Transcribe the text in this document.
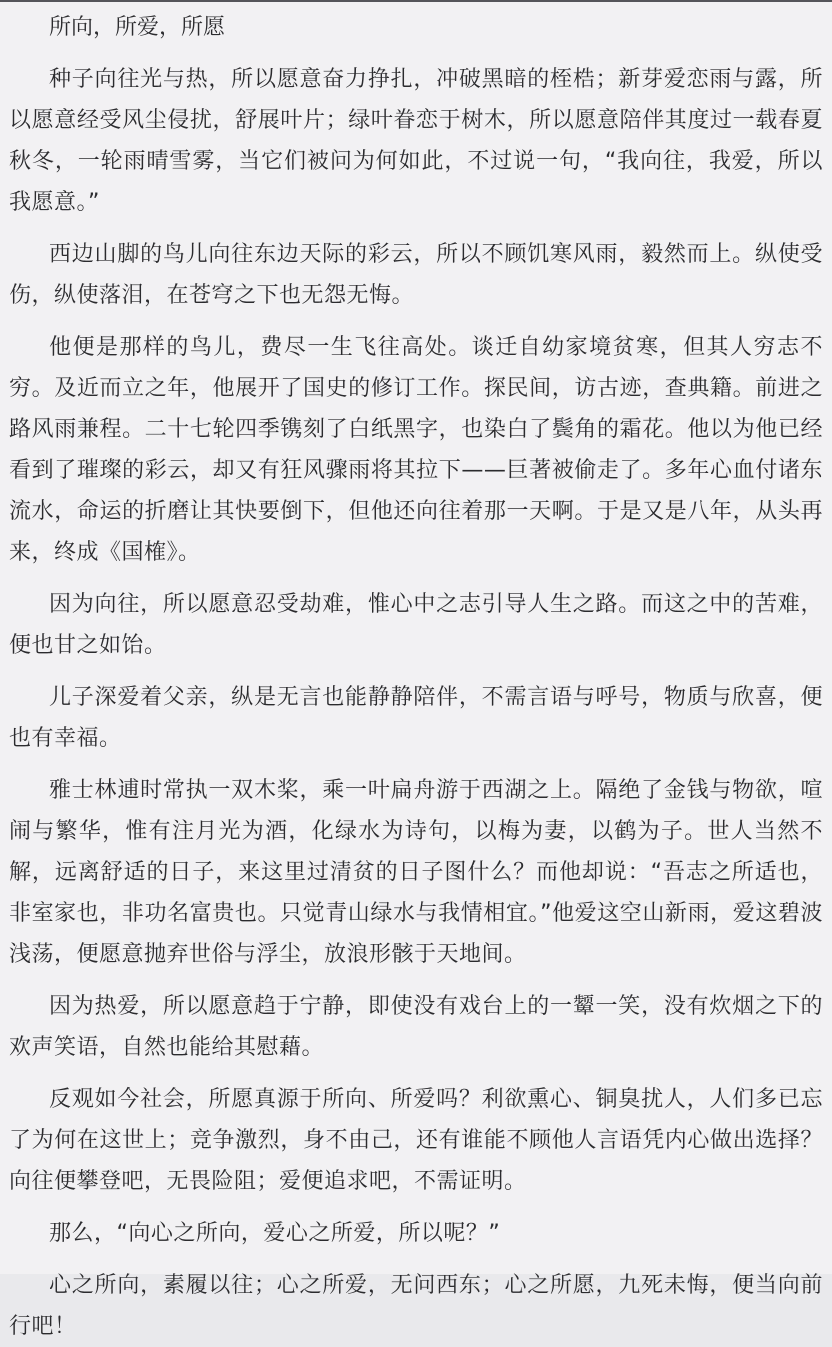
所向，所爱，所愿

种子向往光与热，所以愿意奋力挣扎，冲破黑暗的桎梏；新芽爱恋雨与露，所以愿意经受风尘侵扰，舒展叶片；绿叶眷恋于树木，所以愿意陪伴其度过一载春夏秋冬，一轮雨晴雪雾，当它们被问为何如此，不过说一句，“我向往，我爱，所以我愿意。”

西边山脚的鸟儿向往东边天际的彩云，所以不顾饥寒风雨，毅然而上。纵使受伤，纵使落泪，在苍穹之下也无怨无悔。

他便是那样的鸟儿，费尽一生飞往高处。谈迁自幼家境贫寒，但其人穷志不穷。及近而立之年，他展开了国史的修订工作。探民间，访古迹，查典籍。前进之路风雨兼程。二十七轮四季镌刻了白纸黑字，也染白了鬓角的霜花。他以为他已经看到了璀璨的彩云，却又有狂风骤雨将其拉下——巨著被偷走了。多年心血付诸东流水，命运的折磨让其快要倒下，但他还向往着那一天啊。于是又是八年，从头再来，终成《国榷》。

因为向往，所以愿意忍受劫难，惟心中之志引导人生之路。而这之中的苦难，便也甘之如饴。

儿子深爱着父亲，纵是无言也能静静陪伴，不需言语与呼号，物质与欣喜，便也有幸福。

雅士林逋时常执一双木桨，乘一叶扁舟游于西湖之上。隔绝了金钱与物欲，喧闹与繁华，惟有注月光为酒，化绿水为诗句，以梅为妻，以鹤为子。世人当然不解，远离舒适的日子，来这里过清贫的日子图什么？而他却说：“吾志之所适也，非室家也，非功名富贵也。只觉青山绿水与我情相宜。”他爱这空山新雨，爱这碧波浅荡，便愿意抛弃世俗与浮尘，放浪形骸于天地间。

因为热爱，所以愿意趋于宁静，即使没有戏台上的一颦一笑，没有炊烟之下的欢声笑语，自然也能给其慰藉。

反观如今社会，所愿真源于所向、所爱吗？利欲熏心、铜臭扰人，人们多已忘了为何在这世上；竞争激烈，身不由己，还有谁能不顾他人言语凭内心做出选择？向往便攀登吧，无畏险阻；爱便追求吧，不需证明。

那么，“向心之所向，爱心之所爱，所以呢？”

心之所向，素履以往；心之所爱，无问西东；心之所愿，九死未悔，便当向前行吧！
